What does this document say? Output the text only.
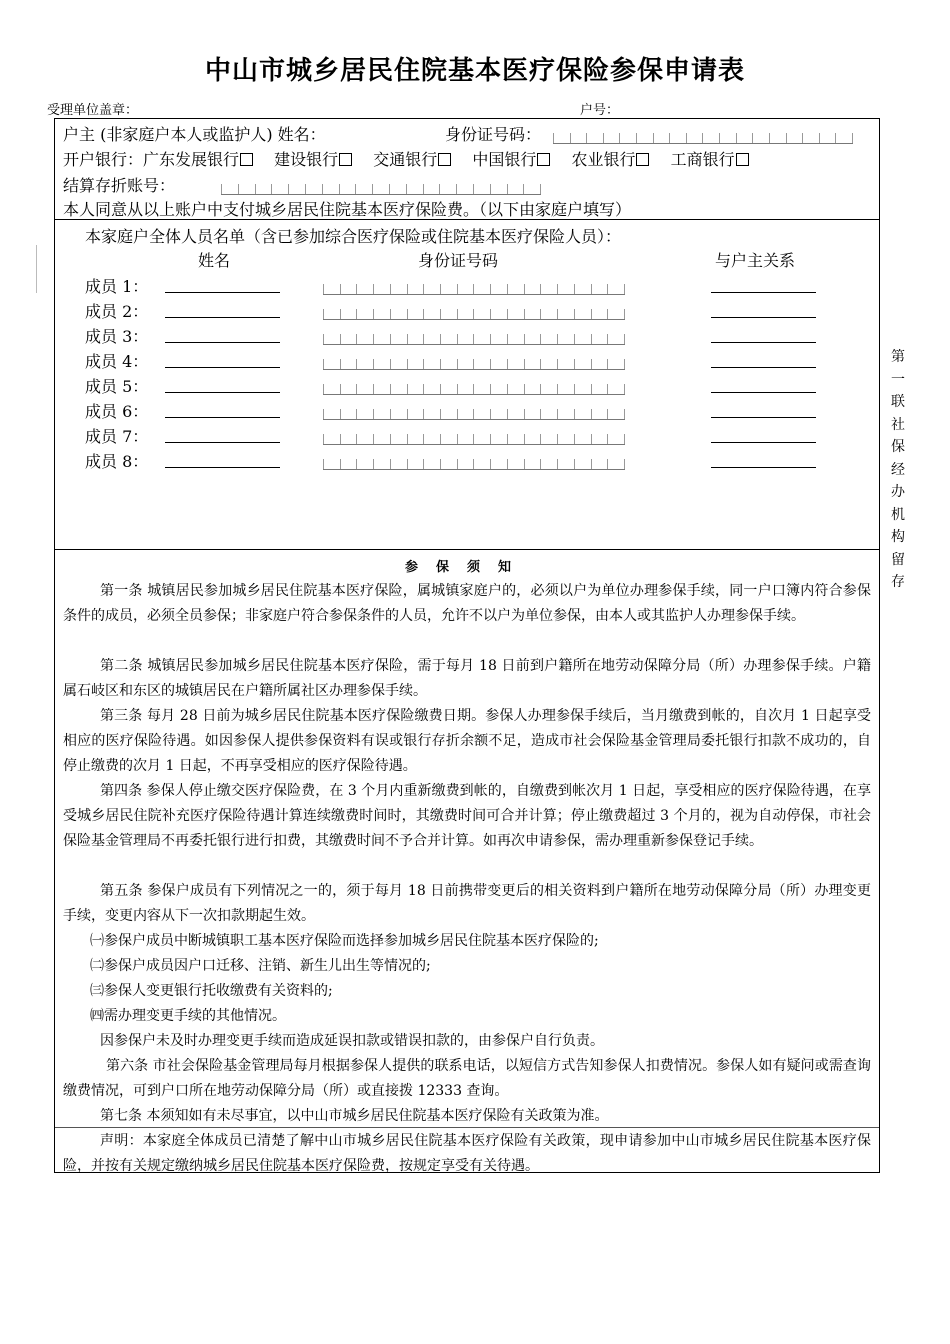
中山市城乡居民住院基本医疗保险参保申请表
受理单位盖章：	户号：
户主 (非家庭户本人或监护人) 姓名：	身份证号码：
开户银行：广东发展银行 建设银行 交通银行 中国银行 农业银行 工商银行
结算存折账号：
本人同意从以上账户中支付城乡居民住院基本医疗保险费。（以下由家庭户填写）
本家庭户全体人员名单（含已参加综合医疗保险或住院基本医疗保险人员）：
姓名	身份证号码	与户主关系
成员 1：
成员 2：
成员 3：
成员 4：
成员 5：
成员 6：
成员 7：
成员 8：
参保须知
第一条 城镇居民参加城乡居民住院基本医疗保险，属城镇家庭户的，必须以户为单位办理参保手续，同一户口簿内符合参保条件的成员，必须全员参保；非家庭户符合参保条件的人员，允许不以户为单位参保，由本人或其监护人办理参保手续。
第二条 城镇居民参加城乡居民住院基本医疗保险，需于每月 18 日前到户籍所在地劳动保障分局（所）办理参保手续。户籍属石岐区和东区的城镇居民在户籍所属社区办理参保手续。
第三条 每月 28 日前为城乡居民住院基本医疗保险缴费日期。参保人办理参保手续后，当月缴费到帐的，自次月 1 日起享受相应的医疗保险待遇。如因参保人提供参保资料有误或银行存折余额不足，造成市社会保险基金管理局委托银行扣款不成功的，自停止缴费的次月 1 日起，不再享受相应的医疗保险待遇。
第四条 参保人停止缴交医疗保险费，在 3 个月内重新缴费到帐的，自缴费到帐次月 1 日起，享受相应的医疗保险待遇，在享受城乡居民住院补充医疗保险待遇计算连续缴费时间时，其缴费时间可合并计算；停止缴费超过 3 个月的，视为自动停保，市社会保险基金管理局不再委托银行进行扣费，其缴费时间不予合并计算。如再次申请参保，需办理重新参保登记手续。
第五条 参保户成员有下列情况之一的，须于每月 18 日前携带变更后的相关资料到户籍所在地劳动保障分局（所）办理变更手续，变更内容从下一次扣款期起生效。
㈠参保户成员中断城镇职工基本医疗保险而选择参加城乡居民住院基本医疗保险的;
㈡参保户成员因户口迁移、注销、新生儿出生等情况的;
㈢参保人变更银行托收缴费有关资料的;
㈣需办理变更手续的其他情况。
因参保户未及时办理变更手续而造成延误扣款或错误扣款的，由参保户自行负责。
第六条 市社会保险基金管理局每月根据参保人提供的联系电话，以短信方式告知参保人扣费情况。参保人如有疑问或需查询缴费情况，可到户口所在地劳动保障分局（所）或直接拨 12333 查询。
第七条 本须知如有未尽事宜，以中山市城乡居民住院基本医疗保险有关政策为准。
声明：本家庭全体成员已清楚了解中山市城乡居民住院基本医疗保险有关政策，现申请参加中山市城乡居民住院基本医疗保险，并按有关规定缴纳城乡居民住院基本医疗保险费，按规定享受有关待遇。
第一联社保经办机构留存
